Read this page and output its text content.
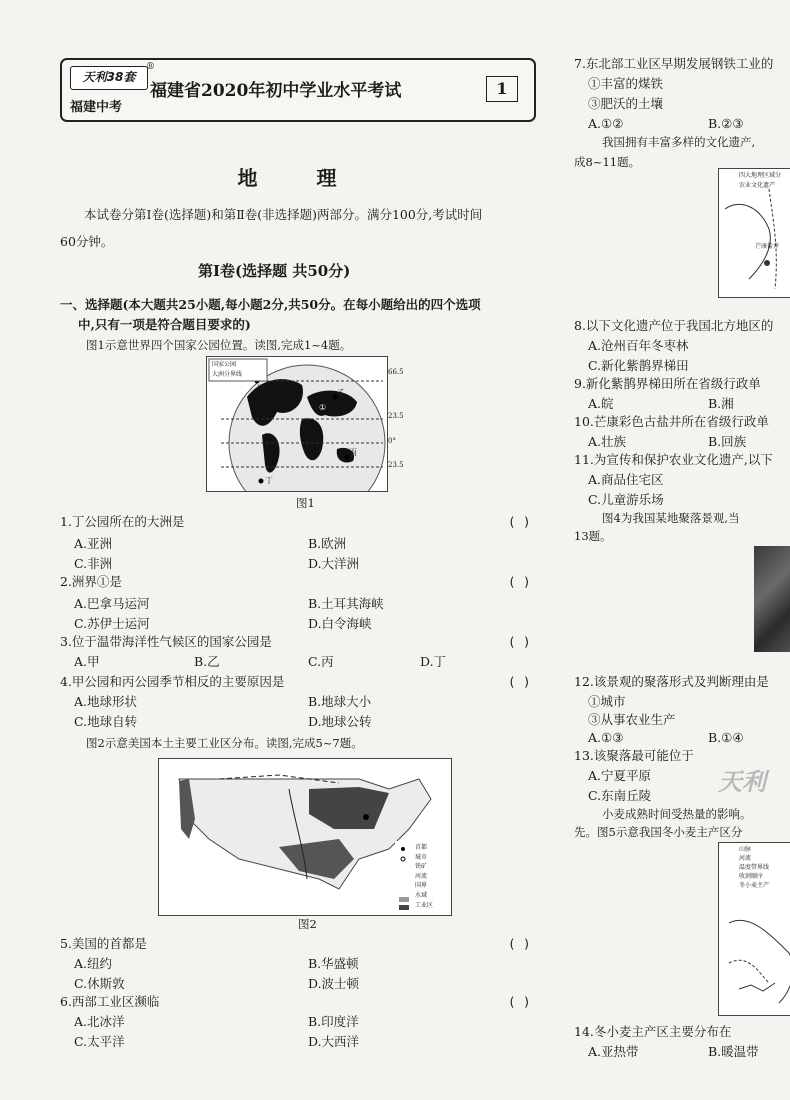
天利38套
®
福建省2020年初中学业水平考试	1
福建中考
地 理
本试卷分第Ⅰ卷(选择题)和第Ⅱ卷(非选择题)两部分。满分100分,考试时间
60分钟。
第Ⅰ卷(选择题 共50分)
一、选择题(本大题共25小题,每小题2分,共50分。在每小题给出的四个选项
中,只有一项是符合题目要求的)
图1示意世界四个国家公园位置。读图,完成1~4题。
国家公园
大洲分界线
甲	乙
丙
丁
①
66.5
23.5
0°
23.5
图1
1.丁公园所在的大洲是	( )
A.亚洲	B.欧洲
C.非洲	D.大洋洲
2.洲界①是	( )
A.巴拿马运河	B.土耳其海峡
C.苏伊士运河	D.白令海峡
3.位于温带海洋性气候区的国家公园是	( )
A.甲	B.乙	C.丙	D.丁
4.甲公园和丙公园季节相反的主要原因是	( )
A.地球形状	B.地球大小
C.地球自转	D.地球公转
图2示意美国本土主要工业区分布。读图,完成5~7题。
首都
城市
铁矿
河流
国界
水域
工业区
图2
5.美国的首都是	( )
A.纽约	B.华盛顿
C.休斯敦	D.波士顿
6.西部工业区濒临	( )
A.北冰洋	B.印度洋
C.太平洋	D.大西洋
7.东北部工业区早期发展钢铁工业的
①丰富的煤铁
③肥沃的土壤
A.①②	B.②③
我国拥有丰富多样的文化遗产,
成8~11题。
四大地理区域分
农业文化遗产
芒康盐井
8.以下文化遗产位于我国北方地区的
A.沧州百年冬枣林
C.新化紫鹊界梯田
9.新化紫鹊界梯田所在省级行政单
A.皖	B.湘
10.芒康彩色古盐井所在省级行政单
A.壮族	B.回族
11.为宣传和保护农业文化遗产,以下
A.商品住宅区
C.儿童游乐场
图4为我国某地聚落景观,当
13题。
12.该景观的聚落形式及判断理由是
①城市
③从事农业生产
A.①③	B.①④
13.该聚落最可能位于
A.宁夏平原
C.东南丘陵	天利
小麦成熟时间受热量的影响。
先。图5示意我国冬小麦主产区分
山脉
河流
温度带界线
收割顺序
冬小麦主产
14.冬小麦主产区主要分布在
A.亚热带	B.暖温带
